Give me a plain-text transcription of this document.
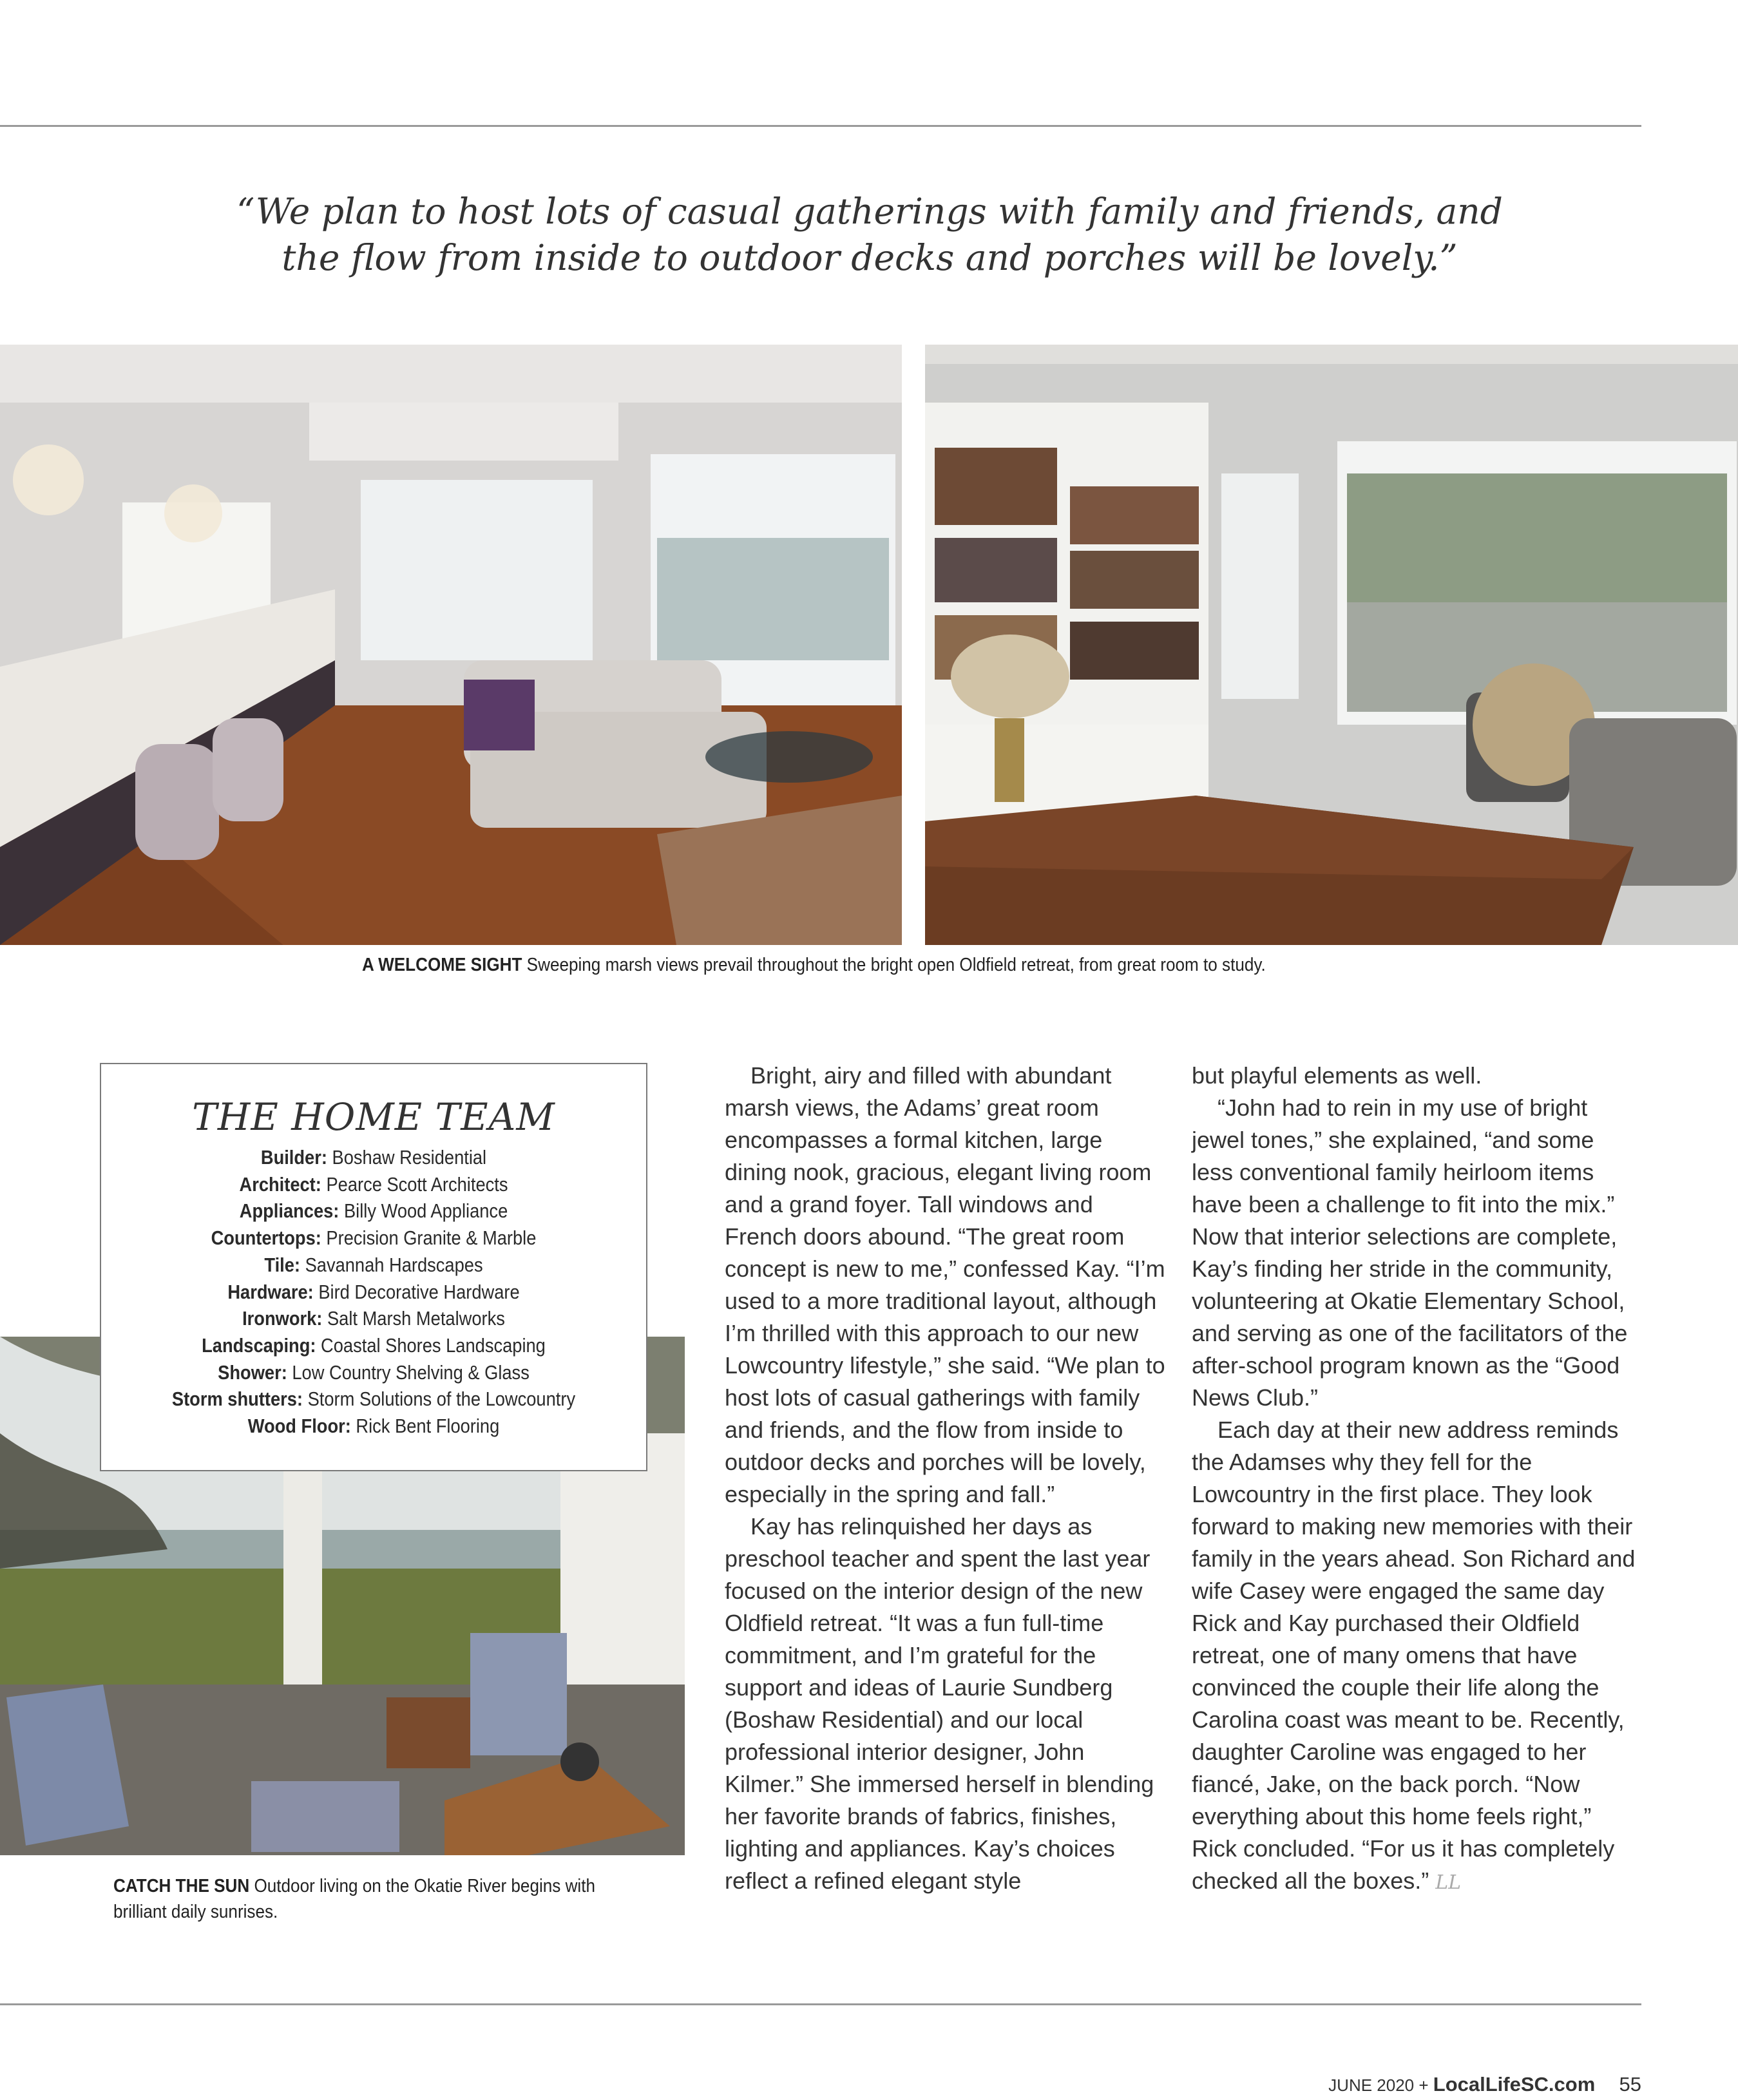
“We plan to host lots of casual gatherings with family and friends, and
the flow from inside to outdoor decks and porches will be lovely.”
A WELCOME SIGHT Sweeping marsh views prevail throughout the bright open Oldfield retreat, from great room to study.
THE HOME TEAM
Builder: Boshaw Residential
Architect: Pearce Scott Architects
Appliances: Billy Wood Appliance
Countertops: Precision Granite & Marble
Tile: Savannah Hardscapes
Hardware: Bird Decorative Hardware
Ironwork: Salt Marsh Metalworks
Landscaping: Coastal Shores Landscaping
Shower: Low Country Shelving & Glass
Storm shutters: Storm Solutions of the Lowcountry
Wood Floor: Rick Bent Flooring
CATCH THE SUN Outdoor living on the Okatie River begins with brilliant daily sunrises.

Bright, airy and filled with abundant marsh views, the Adams’ great room encompasses a formal kitchen, large dining nook, gracious, elegant living room and a grand foyer. Tall windows and French doors abound. “The great room concept is new to me,” confessed Kay. “I’m used to a more traditional layout, although I’m thrilled with this approach to our new Lowcountry lifestyle,” she said. “We plan to host lots of casual gatherings with family and friends, and the flow from inside to outdoor decks and porches will be lovely, especially in the spring and fall.”

Kay has relinquished her days as preschool teacher and spent the last year focused on the interior design of the new Oldfield retreat. “It was a fun full-time commitment, and I’m grateful for the support and ideas of Laurie Sundberg (Boshaw Residential) and our local professional interior designer, John Kilmer.” She immersed herself in blending her favorite brands of fabrics, finishes, lighting and appliances. Kay’s choices reflect a refined elegant style

but playful elements as well.

“John had to rein in my use of bright jewel tones,” she explained, “and some less conventional family heirloom items have been a challenge to fit into the mix.” Now that interior selections are complete, Kay’s finding her stride in the community, volunteering at Okatie Elementary School, and serving as one of the facilitators of the after-school program known as the “Good News Club.”

Each day at their new address reminds the Adamses why they fell for the Lowcountry in the first place. They look forward to making new memories with their family in the years ahead. Son Richard and wife Casey were engaged the same day Rick and Kay purchased their Oldfield retreat, one of many omens that have convinced the couple their life along the Carolina coast was meant to be. Recently, daughter Caroline was engaged to her fiancé, Jake, on the back porch. “Now everything about this home feels right,” Rick concluded. “For us it has completely checked all the boxes.” LL

JUNE 2020 + LocalLifeSC.com 55
